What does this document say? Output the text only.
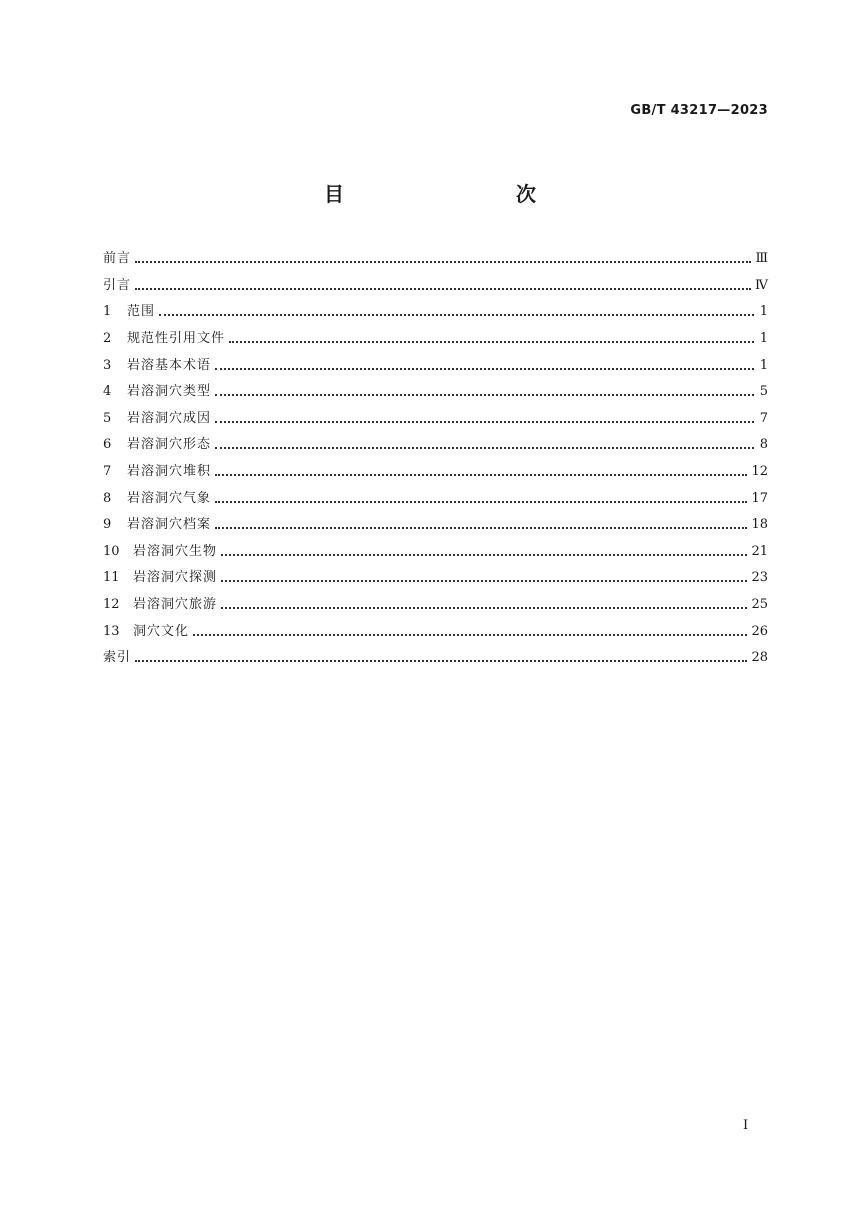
GB/T 43217—2023
目　　次
前言	Ⅲ
引言	Ⅳ
1	范围	1
2	规范性引用文件	1
3	岩溶基本术语	1
4	岩溶洞穴类型	5
5	岩溶洞穴成因	7
6	岩溶洞穴形态	8
7	岩溶洞穴堆积	12
8	岩溶洞穴气象	17
9	岩溶洞穴档案	18
10	岩溶洞穴生物	21
11	岩溶洞穴探测	23
12	岩溶洞穴旅游	25
13	洞穴文化	26
索引	28
I
